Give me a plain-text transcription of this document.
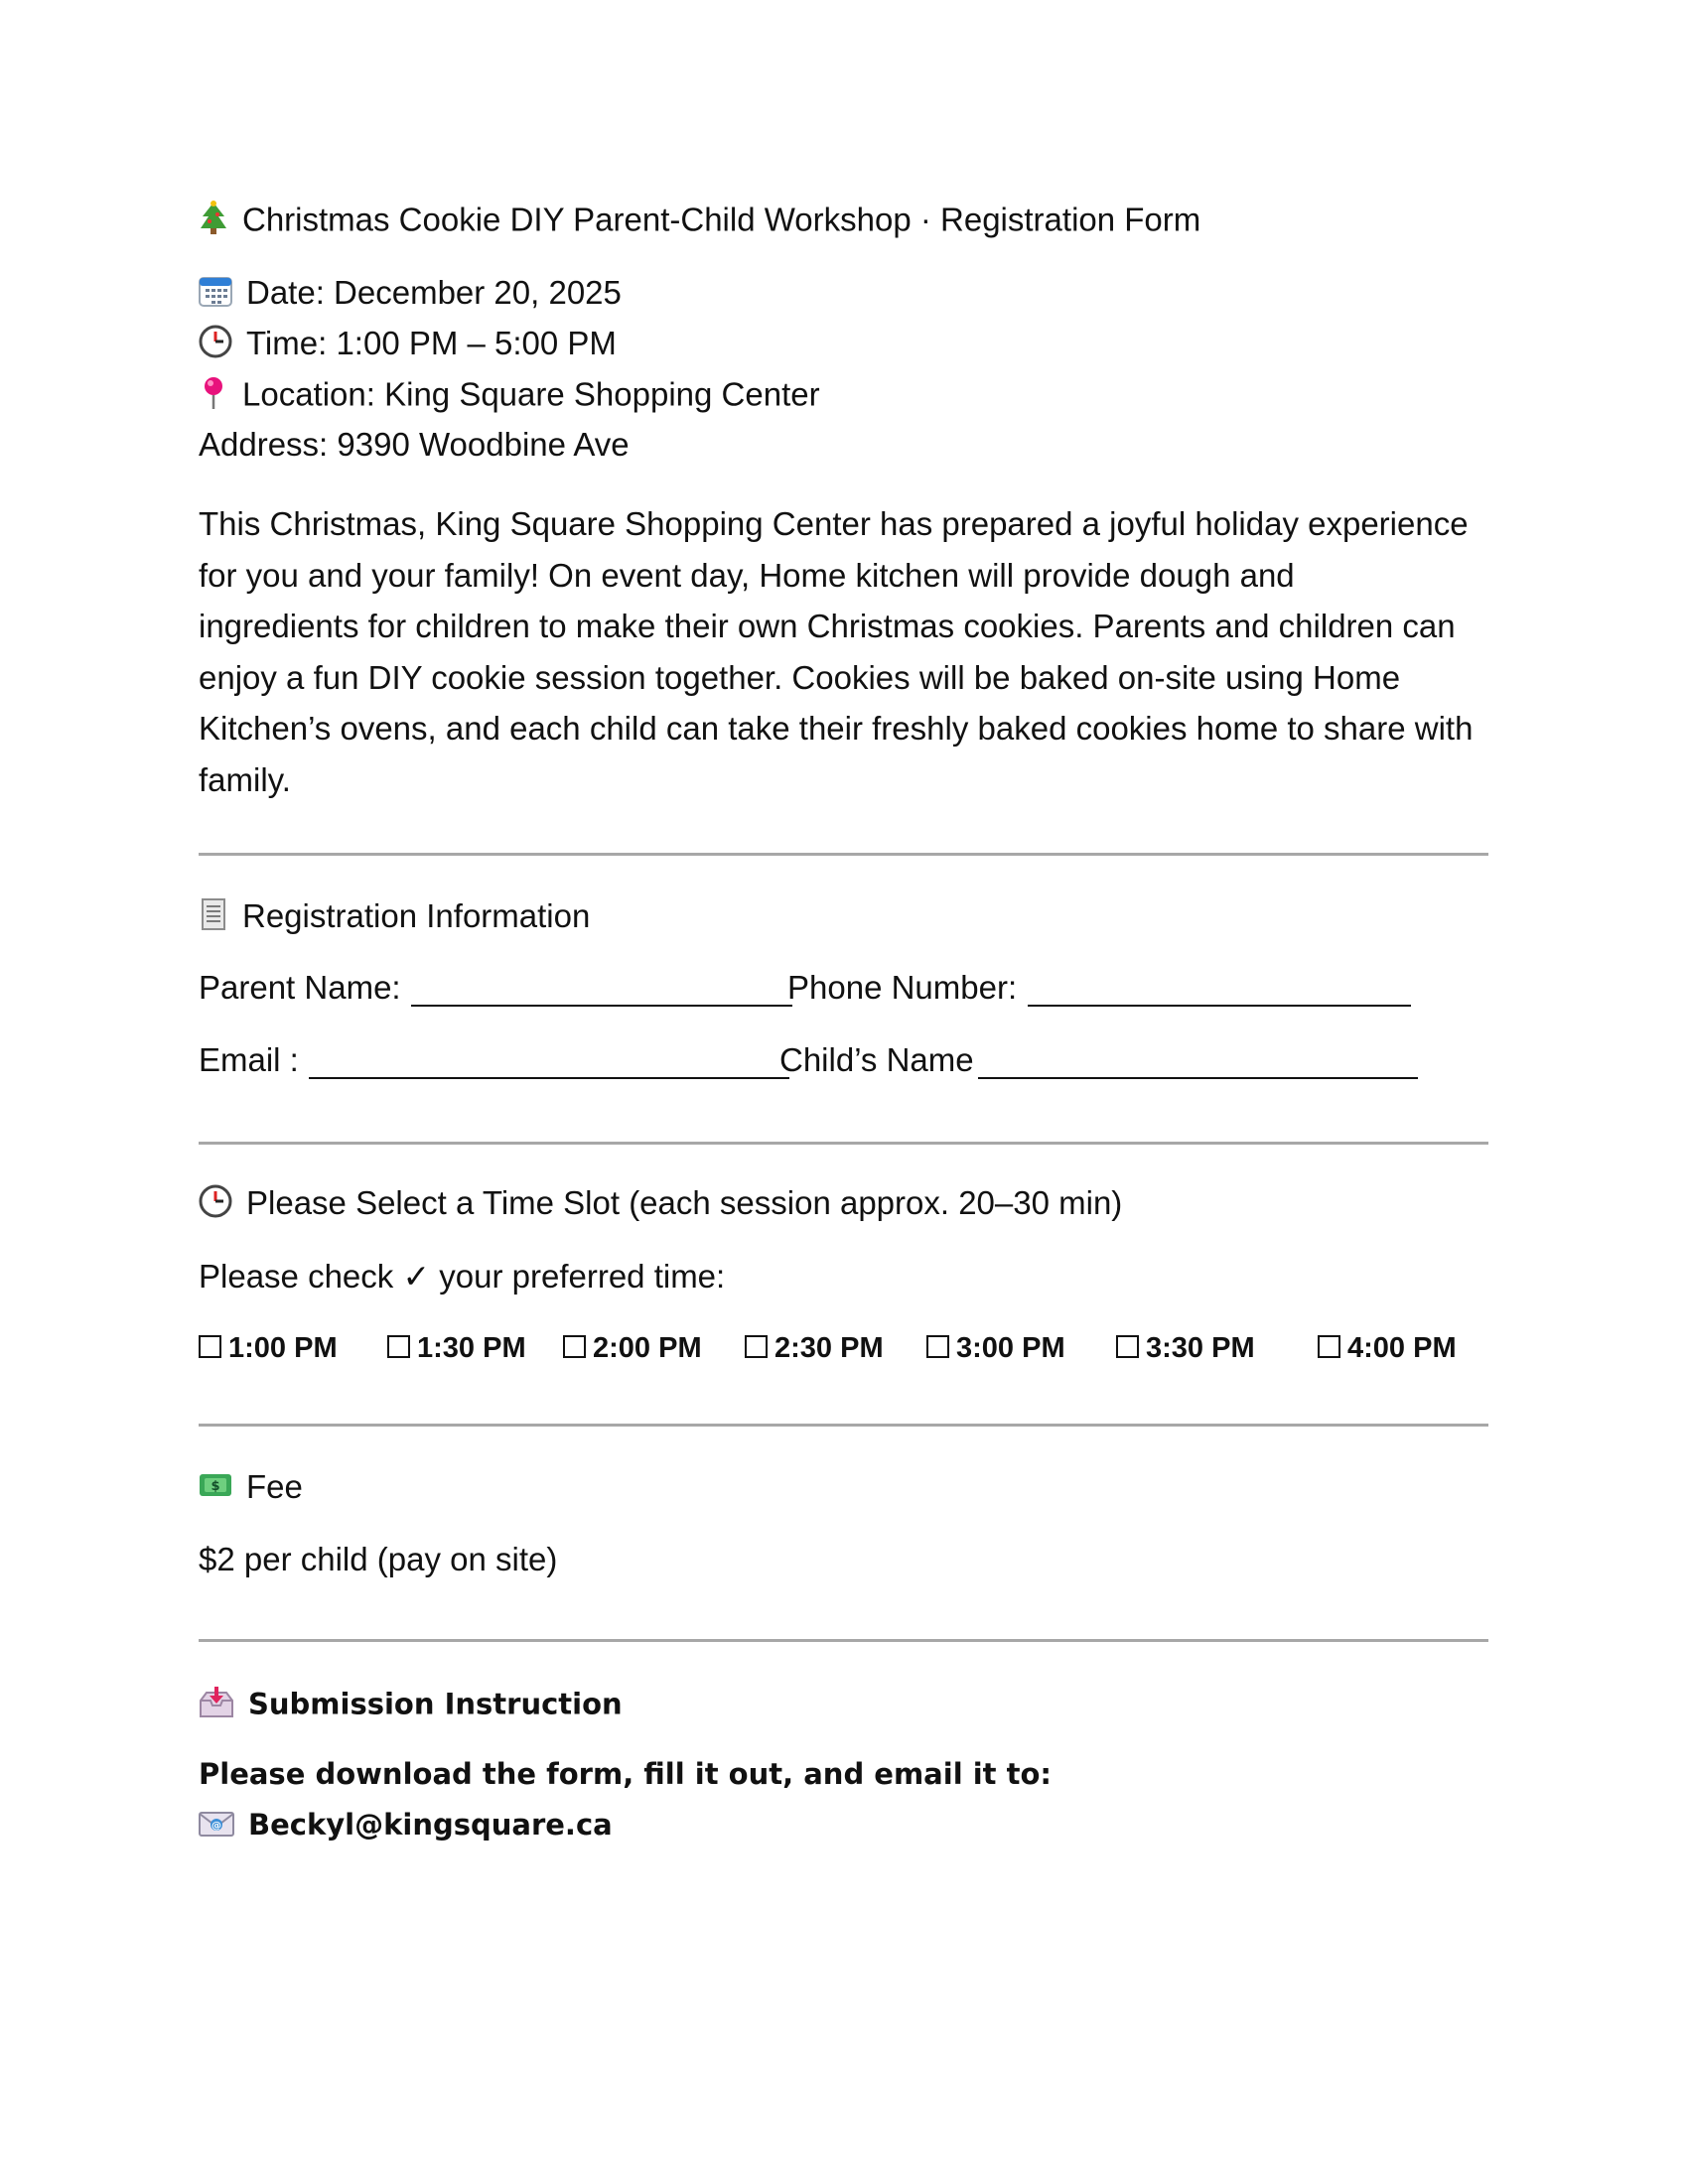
Christmas Cookie DIY Parent-Child Workshop · Registration Form
Date: December 20, 2025
Time: 1:00 PM – 5:00 PM
Location: King Square Shopping Center
Address: 9390 Woodbine Ave

This Christmas, King Square Shopping Center has prepared a joyful holiday experience

for you and your family! On event day, Home kitchen will provide dough and

ingredients for children to make their own Christmas cookies. Parents and children can

enjoy a fun DIY cookie session together. Cookies will be baked on-site using Home

Kitchen’s ovens, and each child can take their freshly baked cookies home to share with

family.

Registration Information
Parent Name:	Phone Number:
Email :	Child’s Name
Please Select a Time Slot (each session approx. 20–30 min)
Please check ✓ your preferred time:
1:00 PM	1:30 PM	2:00 PM	2:30 PM	3:00 PM	3:30 PM	4:00 PM
$ Fee
$2 per child (pay on site)
Submission Instruction
Please download the form, fill it out, and email it to:
@ Beckyl@kingsquare.ca
